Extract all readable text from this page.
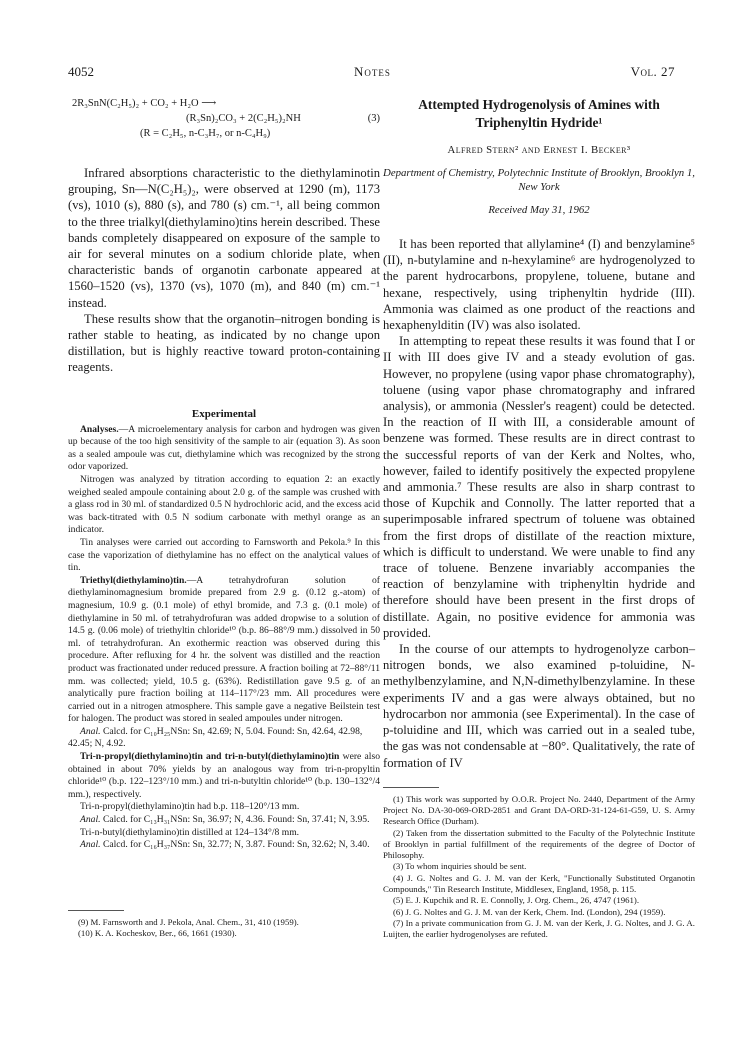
4052	Notes	Vol. 27
2R₃SnN(C₂H₅)₂ + CO₂ + H₂O ⟶
(R₃Sn)₂CO₃ + 2(C₂H₅)₂NH	(3)
(R = C₂H₅, n-C₃H₇, or n-C₄H₉)

Infrared absorptions characteristic to the diethylaminotin grouping, Sn—N(C₂H₅)₂, were observed at 1290 (m), 1173 (vs), 1010 (s), 880 (s), and 780 (s) cm.⁻¹, all being common to the three trialkyl(diethylamino)tins herein described. These bands completely disappeared on exposure of the sample to air for several minutes on a sodium chloride plate, when characteristic bands of organotin carbonate appeared at 1560–1520 (vs), 1370 (vs), 1070 (m), and 840 (m) cm.⁻¹ instead.

These results show that the organotin–nitrogen bonding is rather stable to heating, as indicated by no change upon distillation, but is highly reactive toward proton-containing reagents.

Experimental

Analyses.—A microelementary analysis for carbon and hydrogen was given up because of the too high sensitivity of the sample to air (equation 3). As soon as a sealed ampoule was cut, diethylamine which was recognized by the strong odor vaporized.

Nitrogen was analyzed by titration according to equation 2: an exactly weighed sealed ampoule containing about 2.0 g. of the sample was crushed with a glass rod in 30 ml. of standardized 0.5 N hydrochloric acid, and the excess acid was back-titrated with 0.5 N sodium carbonate with methyl orange as an indicator.

Tin analyses were carried out according to Farnsworth and Pekola.⁹ In this case the vaporization of diethylamine has no effect on the analytical values of tin.

Triethyl(diethylamino)tin.—A tetrahydrofuran solution of diethylaminomagnesium bromide prepared from 2.9 g. (0.12 g.-atom) of magnesium, 10.9 g. (0.1 mole) of ethyl bromide, and 7.3 g. (0.1 mole) of diethylamine in 50 ml. of tetrahydrofuran was added dropwise to a solution of 14.5 g. (0.06 mole) of triethyltin chloride¹⁰ (b.p. 86–88°/9 mm.) dissolved in 50 ml. of tetrahydrofuran. An exothermic reaction was observed during this procedure. After refluxing for 4 hr. the solvent was distilled and the reaction product was fractionated under reduced pressure. A fraction boiling at 72–88°/11 mm. was collected; yield, 10.5 g. (63%). Redistillation gave 9.5 g. of an analytically pure fraction boiling at 114–117°/23 mm. All procedures were carried out in a nitrogen atmosphere. This sample gave a negative Beilstein test for halogen. The product was stored in sealed ampoules under nitrogen.

Anal. Calcd. for C₁₀H₂₅NSn: Sn, 42.69; N, 5.04. Found: Sn, 42.64, 42.98, 42.45; N, 4.92.

Tri-n-propyl(diethylamino)tin and tri-n-butyl(diethylamino)tin were also obtained in about 70% yields by an analogous way from tri-n-propyltin chloride¹⁰ (b.p. 122–123°/10 mm.) and tri-n-butyltin chloride¹⁰ (b.p. 130–132°/4 mm.), respectively.

Tri-n-propyl(diethylamino)tin had b.p. 118–120°/13 mm.

Anal. Calcd. for C₁₃H₃₁NSn: Sn, 36.97; N, 4.36. Found: Sn, 37.41; N, 3.95.

Tri-n-butyl(diethylamino)tin distilled at 124–134°/8 mm.

Anal. Calcd. for C₁₆H₃₇NSn: Sn, 32.77; N, 3.87. Found: Sn, 32.62; N, 3.40.

(9) M. Farnsworth and J. Pekola, Anal. Chem., 31, 410 (1959).

(10) K. A. Kocheskov, Ber., 66, 1661 (1930).

Attempted Hydrogenolysis of Amines with Triphenyltin Hydride¹

Alfred Stern² and Ernest I. Becker³

Department of Chemistry, Polytechnic Institute of Brooklyn, Brooklyn 1, New York

Received May 31, 1962

It has been reported that allylamine⁴ (I) and benzylamine⁵ (II), n-butylamine and n-hexylamine⁶ are hydrogenolyzed to the parent hydrocarbons, propylene, toluene, butane and hexane, respectively, using triphenyltin hydride (III). Ammonia was claimed as one product of the reactions and hexaphenylditin (IV) was also isolated.

In attempting to repeat these results it was found that I or II with III does give IV and a steady evolution of gas. However, no propylene (using vapor phase chromatography), toluene (using vapor phase chromatography and infrared analysis), or ammonia (Nessler's reagent) could be detected. In the reaction of II with III, a considerable amount of benzene was formed. These results are in direct contrast to the successful reports of van der Kerk and Noltes, who, however, failed to identify positively the expected propylene and ammonia.⁷ These results are also in sharp contrast to those of Kupchik and Connolly. The latter reported that a superimposable infrared spectrum of toluene was obtained from the first drops of distillate of the reaction mixture, which is difficult to understand. We were unable to find any trace of toluene. Benzene invariably accompanies the reaction of benzylamine with triphenyltin hydride and therefore should have been present in the first drops of distillate. Again, no positive evidence for ammonia was provided.

In the course of our attempts to hydrogenolyze carbon–nitrogen bonds, we also examined p-toluidine, N-methylbenzylamine, and N,N-dimethylbenzylamine. In these experiments IV and a gas were always obtained, but no hydrocarbon nor ammonia (see Experimental). In the case of p-toluidine and III, which was carried out in a sealed tube, the gas was not condensable at −80°. Qualitatively, the rate of formation of IV

(1) This work was supported by O.O.R. Project No. 2440, Department of the Army Project No. DA-30-069-ORD-2851 and Grant DA-ORD-31-124-61-G59, U. S. Army Research Office (Durham).

(2) Taken from the dissertation submitted to the Faculty of the Polytechnic Institute of Brooklyn in partial fulfillment of the requirements of the degree of Doctor of Philosophy.

(3) To whom inquiries should be sent.

(4) J. G. Noltes and G. J. M. van der Kerk, "Functionally Substituted Organotin Compounds," Tin Research Institute, Middlesex, England, 1958, p. 115.

(5) E. J. Kupchik and R. E. Connolly, J. Org. Chem., 26, 4747 (1961).

(6) J. G. Noltes and G. J. M. van der Kerk, Chem. Ind. (London), 294 (1959).

(7) In a private communication from G. J. M. van der Kerk, J. G. Noltes, and J. G. A. Luijten, the earlier hydrogenolyses are refuted.
